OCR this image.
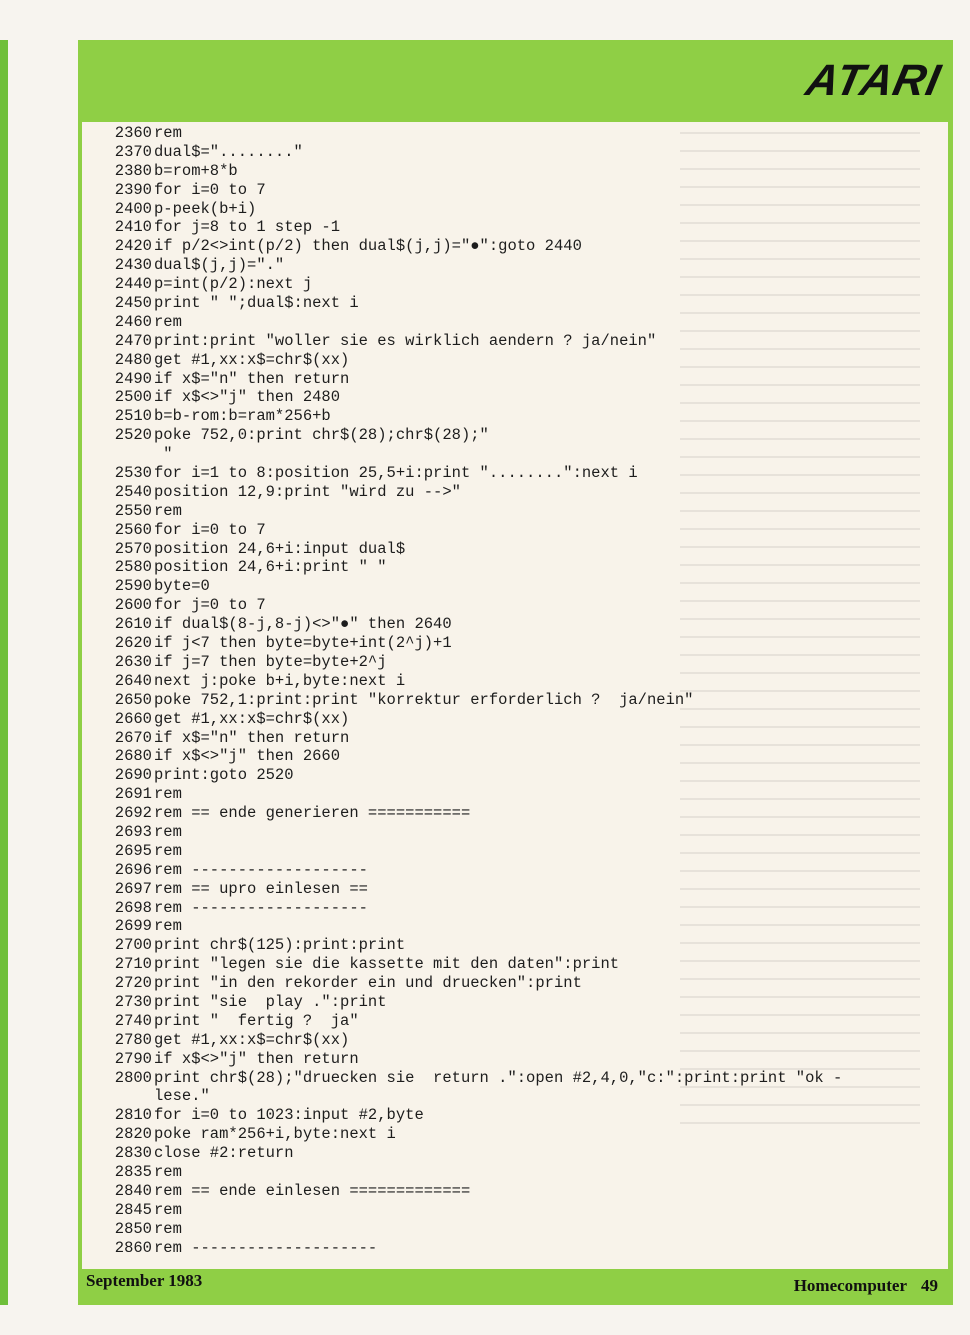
ATARI
2360 rem
2370 dual$="........"
2380 b=rom+8*b
2390 for i=0 to 7
2400 p-peek(b+i)
2410 for j=8 to 1 step -1
2420 if p/2<>int(p/2) then dual$(j,j)="●":goto 2440
2430 dual$(j,j)="."
2440 p=int(p/2):next j
2450 print " ";dual$:next i
2460 rem
2470 print:print "woller sie es wirklich aendern ? ja/nein"
2480 get #1,xx:x$=chr$(xx)
2490 if x$="n" then return
2500 if x$<>"j" then 2480
2510 b=b-rom:b=ram*256+b
2520 poke 752,0:print chr$(28);chr$(28);"
"
2530 for i=1 to 8:position 25,5+i:print "........":next i
2540 position 12,9:print "wird zu -->"
2550 rem
2560 for i=0 to 7
2570 position 24,6+i:input dual$
2580 position 24,6+i:print " "
2590 byte=0
2600 for j=0 to 7
2610 if dual$(8-j,8-j)<>"●" then 2640
2620 if j<7 then byte=byte+int(2^j)+1
2630 if j=7 then byte=byte+2^j
2640 next j:poke b+i,byte:next i
2650 poke 752,1:print:print "korrektur erforderlich ?  ja/nein"
2660 get #1,xx:x$=chr$(xx)
2670 if x$="n" then return
2680 if x$<>"j" then 2660
2690 print:goto 2520
2691 rem
2692 rem == ende generieren ===========
2693 rem
2695 rem
2696 rem -------------------
2697 rem == upro einlesen ==
2698 rem -------------------
2699 rem
2700 print chr$(125):print:print
2710 print "legen sie die kassette mit den daten":print
2720 print "in den rekorder ein und druecken":print
2730 print "sie  play .":print
2740 print "  fertig ?  ja"
2780 get #1,xx:x$=chr$(xx)
2790 if x$<>"j" then return
2800 print chr$(28);"druecken sie  return .":open #2,4,0,"c:":print:print "ok -
lese."
2810 for i=0 to 1023:input #2,byte
2820 poke ram*256+i,byte:next i
2830 close #2:return
2835 rem
2840 rem == ende einlesen =============
2845 rem
2850 rem
2860 rem --------------------
September 1983	Homecomputer 49
